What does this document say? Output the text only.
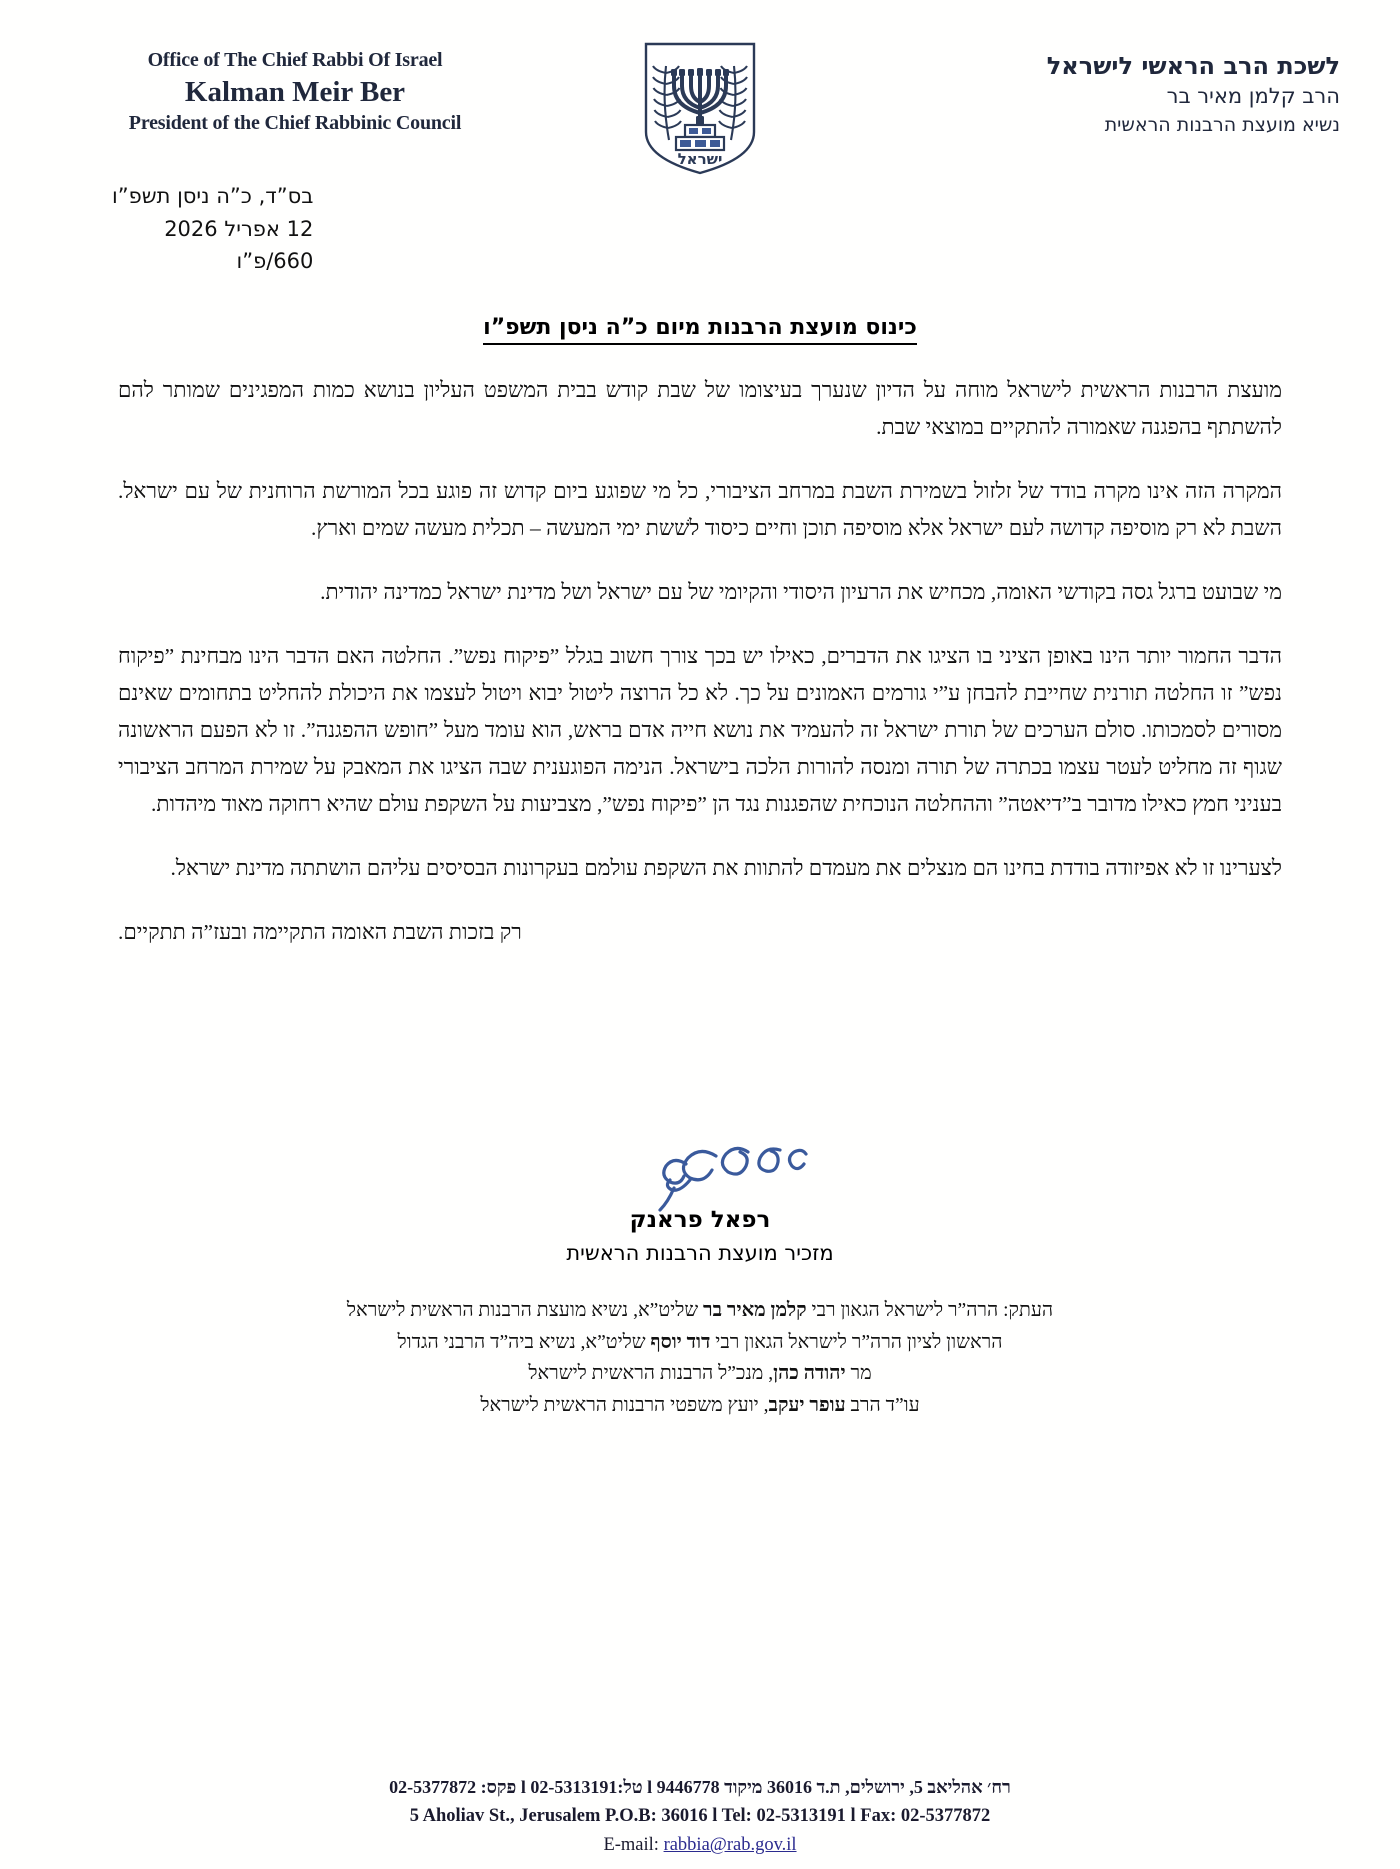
Office of The Chief Rabbi Of Israel
Kalman Meir Ber
President of the Chief Rabbinic Council
ישראל
לשכת הרב הראשי לישראל
הרב קלמן מאיר בר
נשיא מועצת הרבנות הראשית
בס”ד, כ”ה ניסן תשפ”ו
12 אפריל 2026
660/פ”ו
כינוס מועצת הרבנות מיום כ”ה ניסן תשפ”ו

מועצת הרבנות הראשית לישראל מוחה על הדיון שנערך בעיצומו של שבת קודש בבית המשפט העליון בנושא כמות המפגינים שמותר להם להשתתף בהפגנה שאמורה להתקיים במוצאי שבת.

המקרה הזה אינו מקרה בודד של זלזול בשמירת השבת במרחב הציבורי, כל מי שפוגע ביום קדוש זה פוגע בכל המורשת הרוחנית של עם ישראל. השבת לא רק מוסיפה קדושה לעם ישראל אלא מוסיפה תוכן וחיים כיסוד לשׁשת ימי המעשה – תכלית מעשה שמים וארץ.

מי שבועט ברגל גסה בקודשי האומה, מכחיש את הרעיון היסודי והקיומי של עם ישראל ושל מדינת ישראל כמדינה יהודית.

הדבר החמור יותר הינו באופן הציני בו הציגו את הדברים, כאילו יש בכך צורך חשוב בגלל ”פיקוח נפש”. החלטה האם הדבר הינו מבחינת ”פיקוח נפש” זו החלטה תורנית שחייבת להבחן ע”י גורמים האמונים על כך. לא כל הרוצה ליטול יבוא ויטול לעצמו את היכולת להחליט בתחומים שאינם מסורים לסמכותו. סולם הערכים של תורת ישראל זה להעמיד את נושא חייה אדם בראש, הוא עומד מעל ”חופש ההפגנה”. זו לא הפעם הראשונה שגוף זה מחליט לעטר עצמו בכתרה של תורה ומנסה להורות הלכה בישראל. הנימה הפוגענית שבה הציגו את המאבק על שמירת המרחב הציבורי בעניני חמץ כאילו מדובר ב”דיאטה” וההחלטה הנוכחית שהפגנות נגד הן ”פיקוח נפש”, מצביעות על השקפת עולם שהיא רחוקה מאוד מיהדות.

לצערינו זו לא אפיזודה בודדת בחינו הם מנצלים את מעמדם להתוות את השקפת עולמם בעקרונות הבסיסים עליהם הושתתה מדינת ישראל.

רק בזכות השבת האומה התקיימה ובעז”ה תתקיים.

רפאל פראנק
מזכיר מועצת הרבנות הראשית
העתק: הרה”ר לישראל הגאון רבי קלמן מאיר בר שליט”א, נשיא מועצת הרבנות הראשית לישראל
הראשון לציון הרה”ר לישראל הגאון רבי דוד יוסף שליט”א, נשיא ביה”ד הרבני הגדול
מר יהודה כהן, מנכ”ל הרבנות הראשית לישראל
עו”ד הרב עופר יעקב, יועץ משפטי הרבנות הראשית לישראל
רח׳ אהליאב 5, ירושלים, ת.ד 36016 מיקוד 9446778 l טל:02-5313191 l פקס: 02-5377872
5 Aholiav St., Jerusalem P.O.B: 36016 l Tel: 02-5313191 l Fax: 02-5377872
E-mail: rabbia@rab.gov.il
